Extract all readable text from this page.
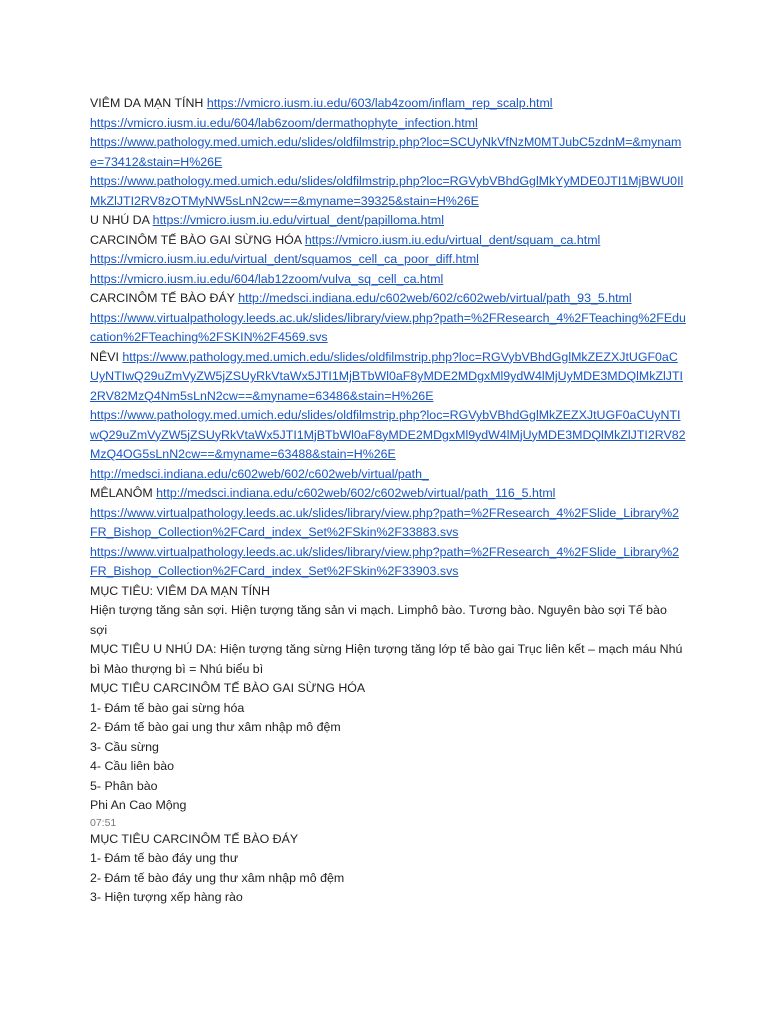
VIÊM DA MẠN TÍNH https://vmicro.iusm.iu.edu/603/lab4zoom/inflam_rep_scalp.html
https://vmicro.iusm.iu.edu/604/lab6zoom/dermathophyte_infection.html
https://www.pathology.med.umich.edu/slides/oldfilmstrip.php?loc=SCUyNkVfNzM0MTJubC5zdnM=&myname=73412&stain=H%26E
https://www.pathology.med.umich.edu/slides/oldfilmstrip.php?loc=RGVybVBhdGglMkYyMDE0JTI1MjBWU0IlMkZlJTI2RV8zOTMyNW5sLnN2cw==&myname=39325&stain=H%26E
U NHÚ DA https://vmicro.iusm.iu.edu/virtual_dent/papilloma.html
CARCINÔM TẾ BÀO GAI SỪNG HÓA https://vmicro.iusm.iu.edu/virtual_dent/squam_ca.html
https://vmicro.iusm.iu.edu/virtual_dent/squamos_cell_ca_poor_diff.html
https://vmicro.iusm.iu.edu/604/lab12zoom/vulva_sq_cell_ca.html
CARCINÔM TẾ BÀO ĐÁY http://medsci.indiana.edu/c602web/602/c602web/virtual/path_93_5.html
https://www.virtualpathology.leeds.ac.uk/slides/library/view.php?path=%2FResearch_4%2FTeaching%2FEducation%2FTeaching%2FSKIN%2F4569.svs
NÊVI https://www.pathology.med.umich.edu/slides/oldfilmstrip.php?loc=RGVybVBhdGglMkZEZXJtUGF0aCUyNTIwQ29uZmVyZW5jZSUyRkVtaWx5JTI1MjBTbWl0aF8yMDE2MDgxMl9ydW4lMjUyMDE3MDQlMkZlJTI2RV82MzQ4Nm5sLnN2cw==&myname=63486&stain=H%26E
https://www.pathology.med.umich.edu/slides/oldfilmstrip.php?loc=RGVybVBhdGglMkZEZXJtUGF0aCUyNTIwQ29uZmVyZW5jZSUyRkVtaWx5JTI1MjBTbWl0aF8yMDE2MDgxMl9ydW4lMjUyMDE3MDQlMkZlJTI2RV82MzQ4OG5sLnN2cw==&myname=63488&stain=H%26E
http://medsci.indiana.edu/c602web/602/c602web/virtual/path_
MÊLANÔM http://medsci.indiana.edu/c602web/602/c602web/virtual/path_116_5.html
https://www.virtualpathology.leeds.ac.uk/slides/library/view.php?path=%2FResearch_4%2FSlide_Library%2FR_Bishop_Collection%2FCard_index_Set%2FSkin%2F33883.svs
https://www.virtualpathology.leeds.ac.uk/slides/library/view.php?path=%2FResearch_4%2FSlide_Library%2FR_Bishop_Collection%2FCard_index_Set%2FSkin%2F33903.svs
MỤC TIÊU: VIÊM DA MẠN TÍNH
Hiện tượng tăng sản sợi. Hiện tượng tăng sản vi mạch. Limphô bào. Tương bào. Nguyên bào sợi Tế bào sợi
MỤC TIÊU U NHÚ DA: Hiện tượng tăng sừng Hiện tượng tăng lớp tế bào gai Trục liên kết – mạch máu Nhú bì Mào thượng bì = Nhú biểu bì
MỤC TIÊU CARCINÔM TẾ BÀO GAI SỪNG HÓA
1- Đám tế bào gai sừng hóa
2- Đám tế bào gai ung thư xâm nhập mô đệm
3- Cầu sừng
4- Cầu liên bào
5- Phân bào
Phi An Cao Mộng
07:51
MỤC TIÊU CARCINÔM TẾ BÀO ĐÁY
1- Đám tế bào đáy ung thư
2- Đám tế bào đáy ung thư xâm nhập mô đệm
3- Hiện tượng xếp hàng rào
